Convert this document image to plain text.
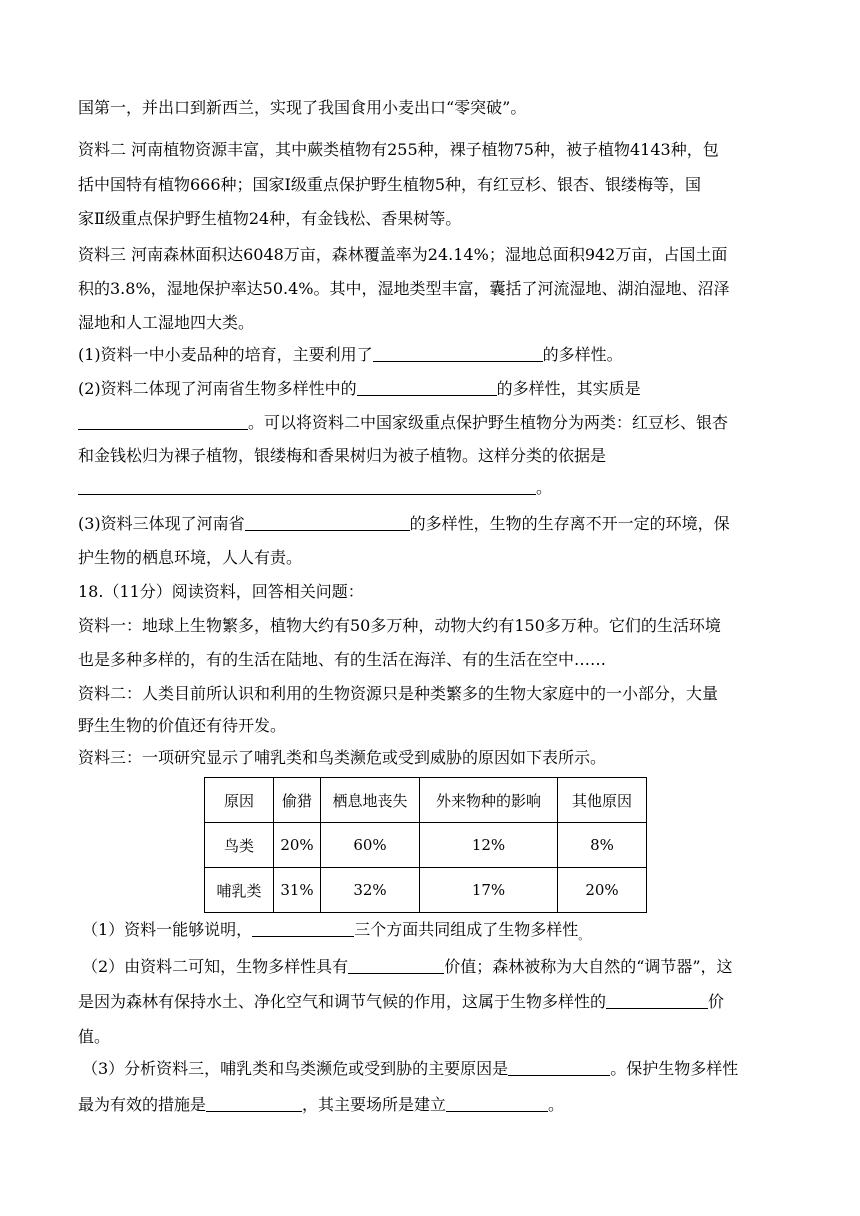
国第一，并出口到新西兰，实现了我国食用小麦出口“零突破”。
资料二 河南植物资源丰富，其中蕨类植物有255种，裸子植物75种，被子植物4143种，包
括中国特有植物666种；国家Ⅰ级重点保护野生植物5种，有红豆杉、银杏、银缕梅等，国
家Ⅱ级重点保护野生植物24种，有金钱松、香果树等。
资料三 河南森林面积达6048万亩，森林覆盖率为24.14%；湿地总面积942万亩，占国土面
积的3.8%，湿地保护率达50.4%。其中，湿地类型丰富，囊括了河流湿地、湖泊湿地、沼泽
湿地和人工湿地四大类。
(1)资料一中小麦品种的培育，主要利用了	的多样性。
(2)资料二体现了河南省生物多样性中的	的多样性，其实质是
。可以将资料二中国家级重点保护野生植物分为两类：红豆杉、银杏
和金钱松归为裸子植物，银缕梅和香果树归为被子植物。这样分类的依据是
。
(3)资料三体现了河南省	的多样性，生物的生存离不开一定的环境，保
护生物的栖息环境，人人有责。
18.（11分）阅读资料，回答相关问题：
资料一：地球上生物繁多，植物大约有50多万种，动物大约有150多万种。它们的生活环境
也是多种多样的，有的生活在陆地、有的生活在海洋、有的生活在空中……
资料二：人类目前所认识和利用的生物资源只是种类繁多的生物大家庭中的一小部分，大量
野生生物的价值还有待开发。
资料三：一项研究显示了哺乳类和鸟类濒危或受到威胁的原因如下表所示。
（1）资料一能够说明，	三个方面共同组成了生物多样性$_。$
（2）由资料二可知，生物多样性具有	价值；森林被称为大自然的“调节器”，这
是因为森林有保持水土、净化空气和调节气候的作用，这属于生物多样性的	价
值。
（3）分析资料三，哺乳类和鸟类濒危或受到胁的主要原因是	。保护生物多样性
最为有效的措施是	，其主要场所是建立	。
原因	偷猎	栖息地丧失	外来物种的影响	其他原因
鸟类	20%	60%	12%	8%
哺乳类	31%	32%	17%	20%
